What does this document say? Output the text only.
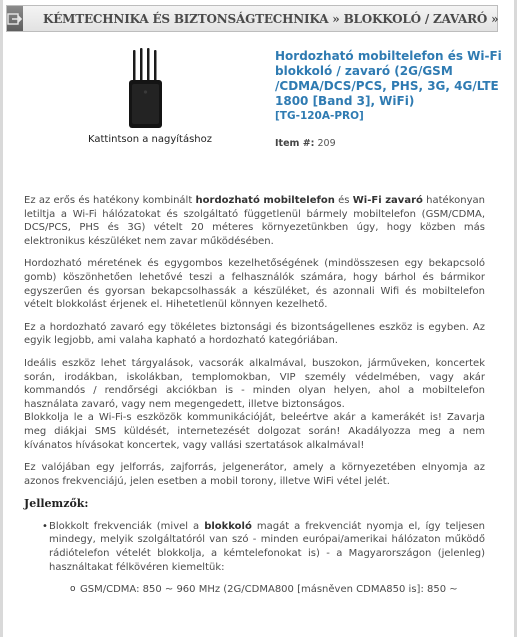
KÉMTECHNIKA ÉS BIZTONSÁGTECHNIKA » BLOKKOLÓ / ZAVARÓ »
Kattintson a nagyításhoz
Hordozható mobiltelefon és Wi-Fi blokkoló / zavaró (2G/GSM /CDMA/DCS/PCS, PHS, 3G, 4G/LTE 1800 [Band 3], WiFi)
[TG-120A-PRO]
Item #: 209

Ez az erős és hatékony kombinált hordozható mobiltelefon és Wi-Fi zavaró hatékonyan letiltja a Wi-Fi hálózatokat és szolgáltató függetlenül bármely mobiltelefon (GSM/CDMA, DCS/PCS, PHS és 3G) vételt 20 méteres környezetünkben úgy, hogy közben más elektronikus készüléket nem zavar működésében.

Hordozható méretének és egygombos kezelhetőségének (mindösszesen egy bekapcsoló gomb) köszönhetően lehetővé teszi a felhasználók számára, hogy bárhol és bármikor egyszerűen és gyorsan bekapcsolhassák a készüléket, és azonnali Wifi és mobiltelefon vételt blokkolást érjenek el. Hihetetlenül könnyen kezelhető.

Ez a hordozható zavaró egy tökéletes biztonsági és bizontságellenes eszköz is egyben. Az egyik legjobb, ami valaha kapható a hordozható kategóriában.

Ideális eszköz lehet tárgyalások, vacsorák alkalmával, buszokon, járműveken, koncertek során, irodákban, iskolákban, templomokban, VIP személy védelmében, vagy akár kommandós / rendőrségi akciókban is - minden olyan helyen, ahol a mobiltelefon használata zavaró, vagy nem megengedett, illetve biztonságos.
Blokkolja le a Wi-Fi-s eszközök kommunikációját, beleértve akár a kamerákét is! Zavarja meg diákjai SMS küldését, internetezését dolgozat során! Akadályozza meg a nem kívánatos hívásokat koncertek, vagy vallási szertatások alkalmával!

Ez valójában egy jelforrás, zajforrás, jelgenerátor, amely a környezetében elnyomja az azonos frekvenciájú, jelen esetben a mobil torony, illetve WiFi vétel jelét.

Jellemzők:

• Blokkolt frekvenciák (mivel a blokkoló magát a frekvenciát nyomja el, így teljesen mindegy, melyik szolgáltatóról van szó - minden európai/amerikai hálózaton működő rádiótelefon vételét blokkolja, a kémtelefonokat is) - a Magyarországon (jelenleg) használtakat félkövéren kiemeltük:

o GSM/CDMA: 850 ~ 960 MHz (2G/CDMA800 [másněven CDMA850 is]: 850 ~
